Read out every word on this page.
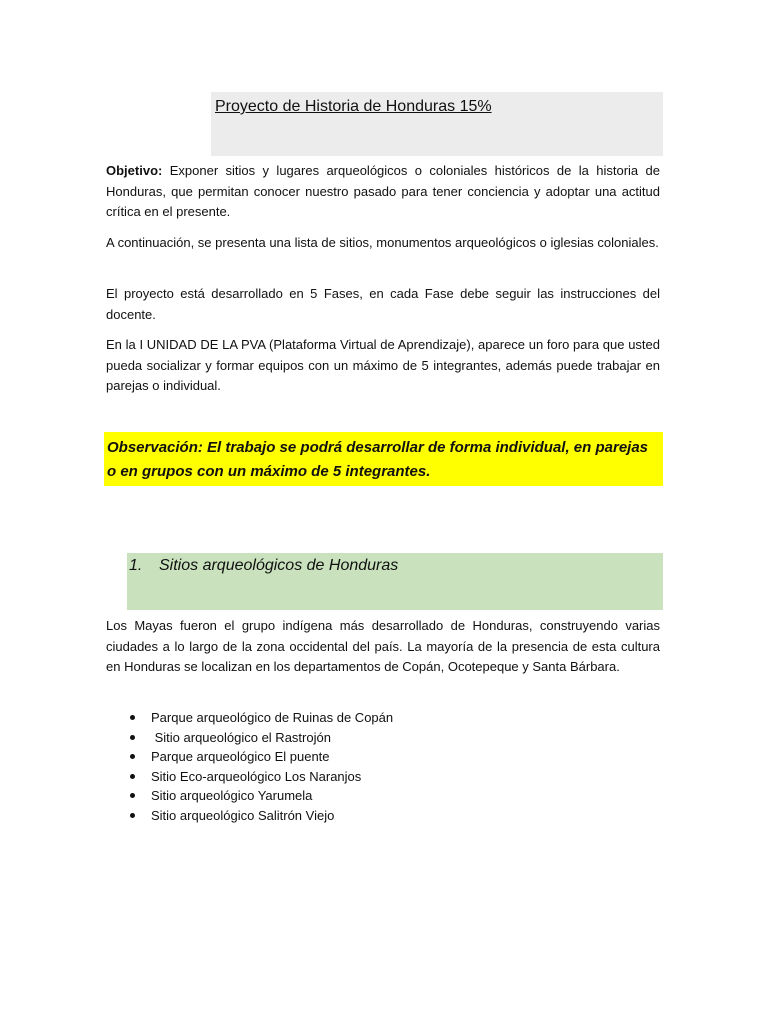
Proyecto de Historia de Honduras 15%

Objetivo: Exponer sitios y lugares arqueológicos o coloniales históricos de la historia de Honduras, que permitan conocer nuestro pasado para tener conciencia y adoptar una actitud crítica en el presente.

A continuación, se presenta una lista de sitios, monumentos arqueológicos o iglesias coloniales.

El proyecto está desarrollado en 5 Fases, en cada Fase debe seguir las instrucciones del docente.

En la I UNIDAD DE LA PVA (Plataforma Virtual de Aprendizaje), aparece un foro para que usted pueda socializar y formar equipos con un máximo de 5 integrantes, además puede trabajar en parejas o individual.

Observación: El trabajo se podrá desarrollar de forma individual, en parejas o en grupos con un máximo de 5 integrantes.

1. Sitios arqueológicos de Honduras

Los Mayas fueron el grupo indígena más desarrollado de Honduras, construyendo varias ciudades a lo largo de la zona occidental del país. La mayoría de la presencia de esta cultura en Honduras se localizan en los departamentos de Copán, Ocotepeque y Santa Bárbara.

Parque arqueológico de Ruinas de Copán
Sitio arqueológico el Rastrojón
Parque arqueológico El puente
Sitio Eco-arqueológico Los Naranjos
Sitio arqueológico Yarumela
Sitio arqueológico Salitrón Viejo
